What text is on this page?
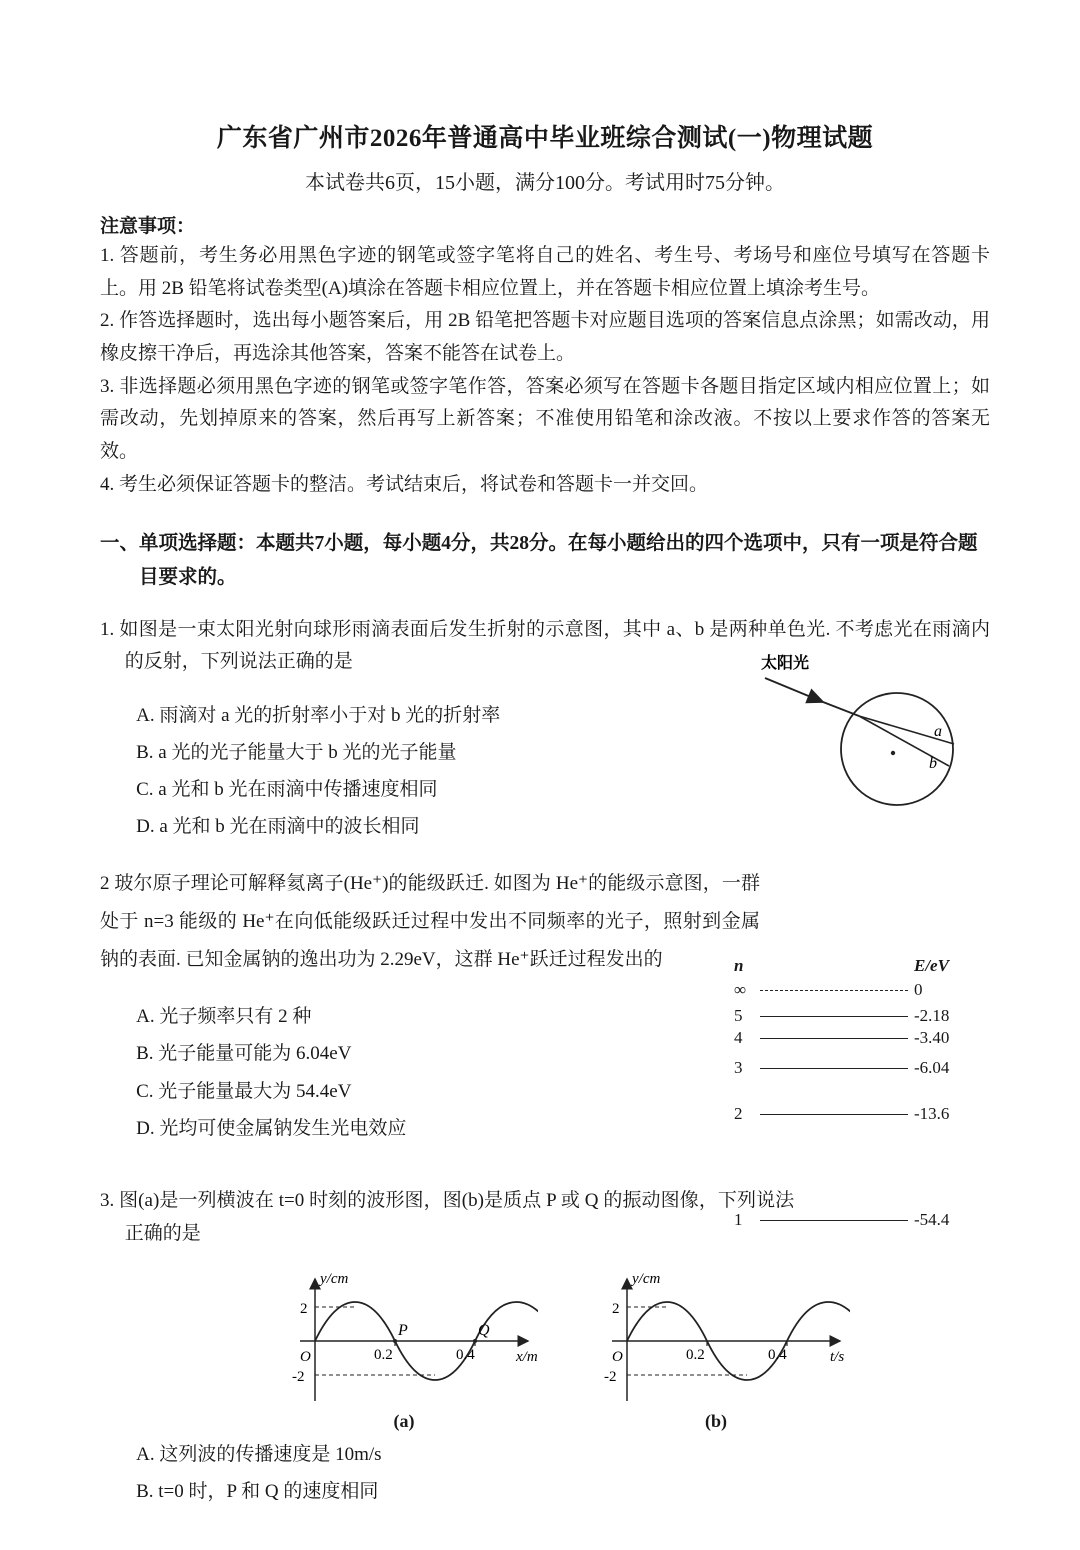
广东省广州市2026年普通高中毕业班综合测试(一)物理试题

本试卷共6页，15小题，满分100分。考试用时75分钟。

注意事项：

1. 答题前，考生务必用黑色字迹的钢笔或签字笔将自己的姓名、考生号、考场号和座位号填写在答题卡上。用 2B 铅笔将试卷类型(A)填涂在答题卡相应位置上，并在答题卡相应位置上填涂考生号。

2. 作答选择题时，选出每小题答案后，用 2B 铅笔把答题卡对应题目选项的答案信息点涂黑；如需改动，用橡皮擦干净后，再选涂其他答案，答案不能答在试卷上。

3. 非选择题必须用黑色字迹的钢笔或签字笔作答，答案必须写在答题卡各题目指定区域内相应位置上；如需改动，先划掉原来的答案，然后再写上新答案；不准使用铅笔和涂改液。不按以上要求作答的答案无效。

4. 考生必须保证答题卡的整洁。考试结束后，将试卷和答题卡一并交回。

一、单项选择题：本题共7小题，每小题4分，共28分。在每小题给出的四个选项中，只有一项是符合题目要求的。

1. 如图是一束太阳光射向球形雨滴表面后发生折射的示意图，其中 a、b 是两种单色光. 不考虑光在雨滴内的反射，下列说法正确的是

A. 雨滴对 a 光的折射率小于对 b 光的折射率
B. a 光的光子能量大于 b 光的光子能量
C. a 光和 b 光在雨滴中传播速度相同
D. a 光和 b 光在雨滴中的波长相同
太阳光
a
b

2 玻尔原子理论可解释氦离子(He⁺)的能级跃迁. 如图为 He⁺的能级示意图，一群处于 n=3 能级的 He⁺在向低能级跃迁过程中发出不同频率的光子，照射到金属钠的表面. 已知金属钠的逸出功为 2.29eV，这群 He⁺跃迁过程发出的

A. 光子频率只有 2 种
B. 光子能量可能为 6.04eV
C. 光子能量最大为 54.4eV
D. 光均可使金属钠发生光电效应
n	E/eV
∞	0
5	-2.18
4	-3.40
3	-6.04
2	-13.6
1	-54.4

3. 图(a)是一列横波在 t=0 时刻的波形图，图(b)是质点 P 或 Q 的振动图像，下列说法正确的是

y/cm
x/m
O
2
-2
0.2	0.4
P	Q
(a)
y/cm
t/s
O
2
-2
0.2	0.4
(b)
A. 这列波的传播速度是 10m/s
B. t=0 时，P 和 Q 的速度相同
